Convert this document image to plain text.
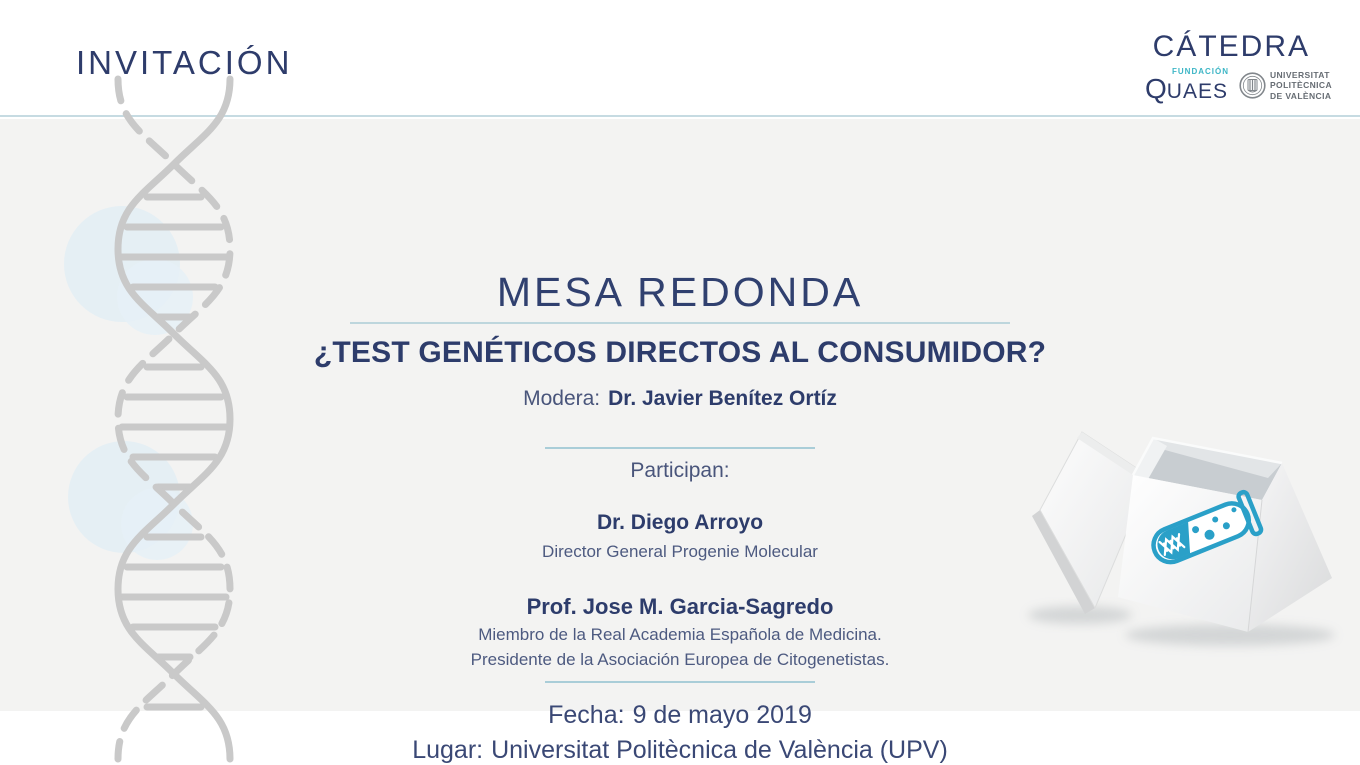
INVITACIÓN	CÁTEDRA
FUNDACIÓN
Q UAES
UNIVERSITAT
POLITÈCNICA
DE VALÈNCIA
MESA REDONDA
¿TEST GENÉTICOS DIRECTOS AL CONSUMIDOR?
Modera: Dr. Javier Benítez Ortíz
Participan:
Dr. Diego Arroyo
Director General Progenie Molecular
Prof. Jose M. Garcia-Sagredo
Miembro de la Real Academia Española de Medicina.
Presidente de la Asociación Europea de Citogenetistas.
Fecha: 9 de mayo 2019
Lugar: Universitat Politècnica de València (UPV)
